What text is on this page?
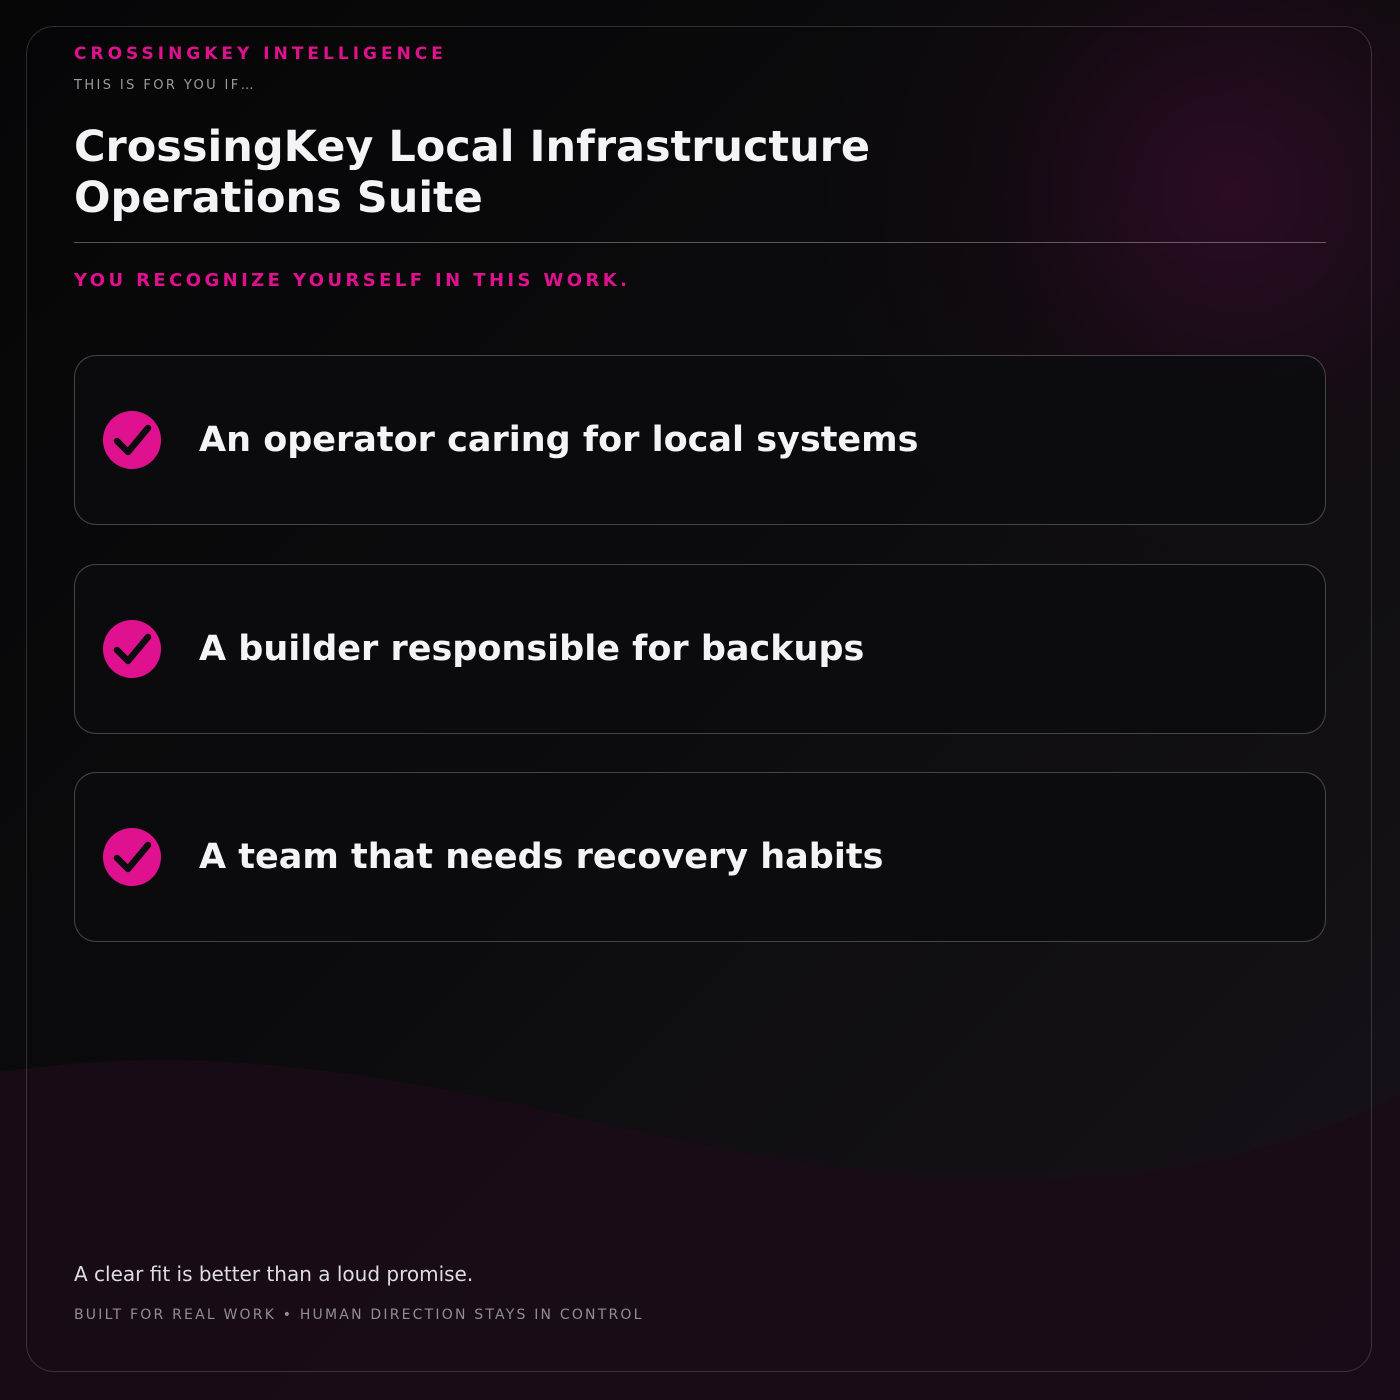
CROSSINGKEY INTELLIGENCE

THIS IS FOR YOU IF…

CrossingKey Local Infrastructure
Operations Suite

YOU RECOGNIZE YOURSELF IN THIS WORK.

An operator caring for local systems
A builder responsible for backups
A team that needs recovery habits

A clear fit is better than a loud promise.

BUILT FOR REAL WORK • HUMAN DIRECTION STAYS IN CONTROL
